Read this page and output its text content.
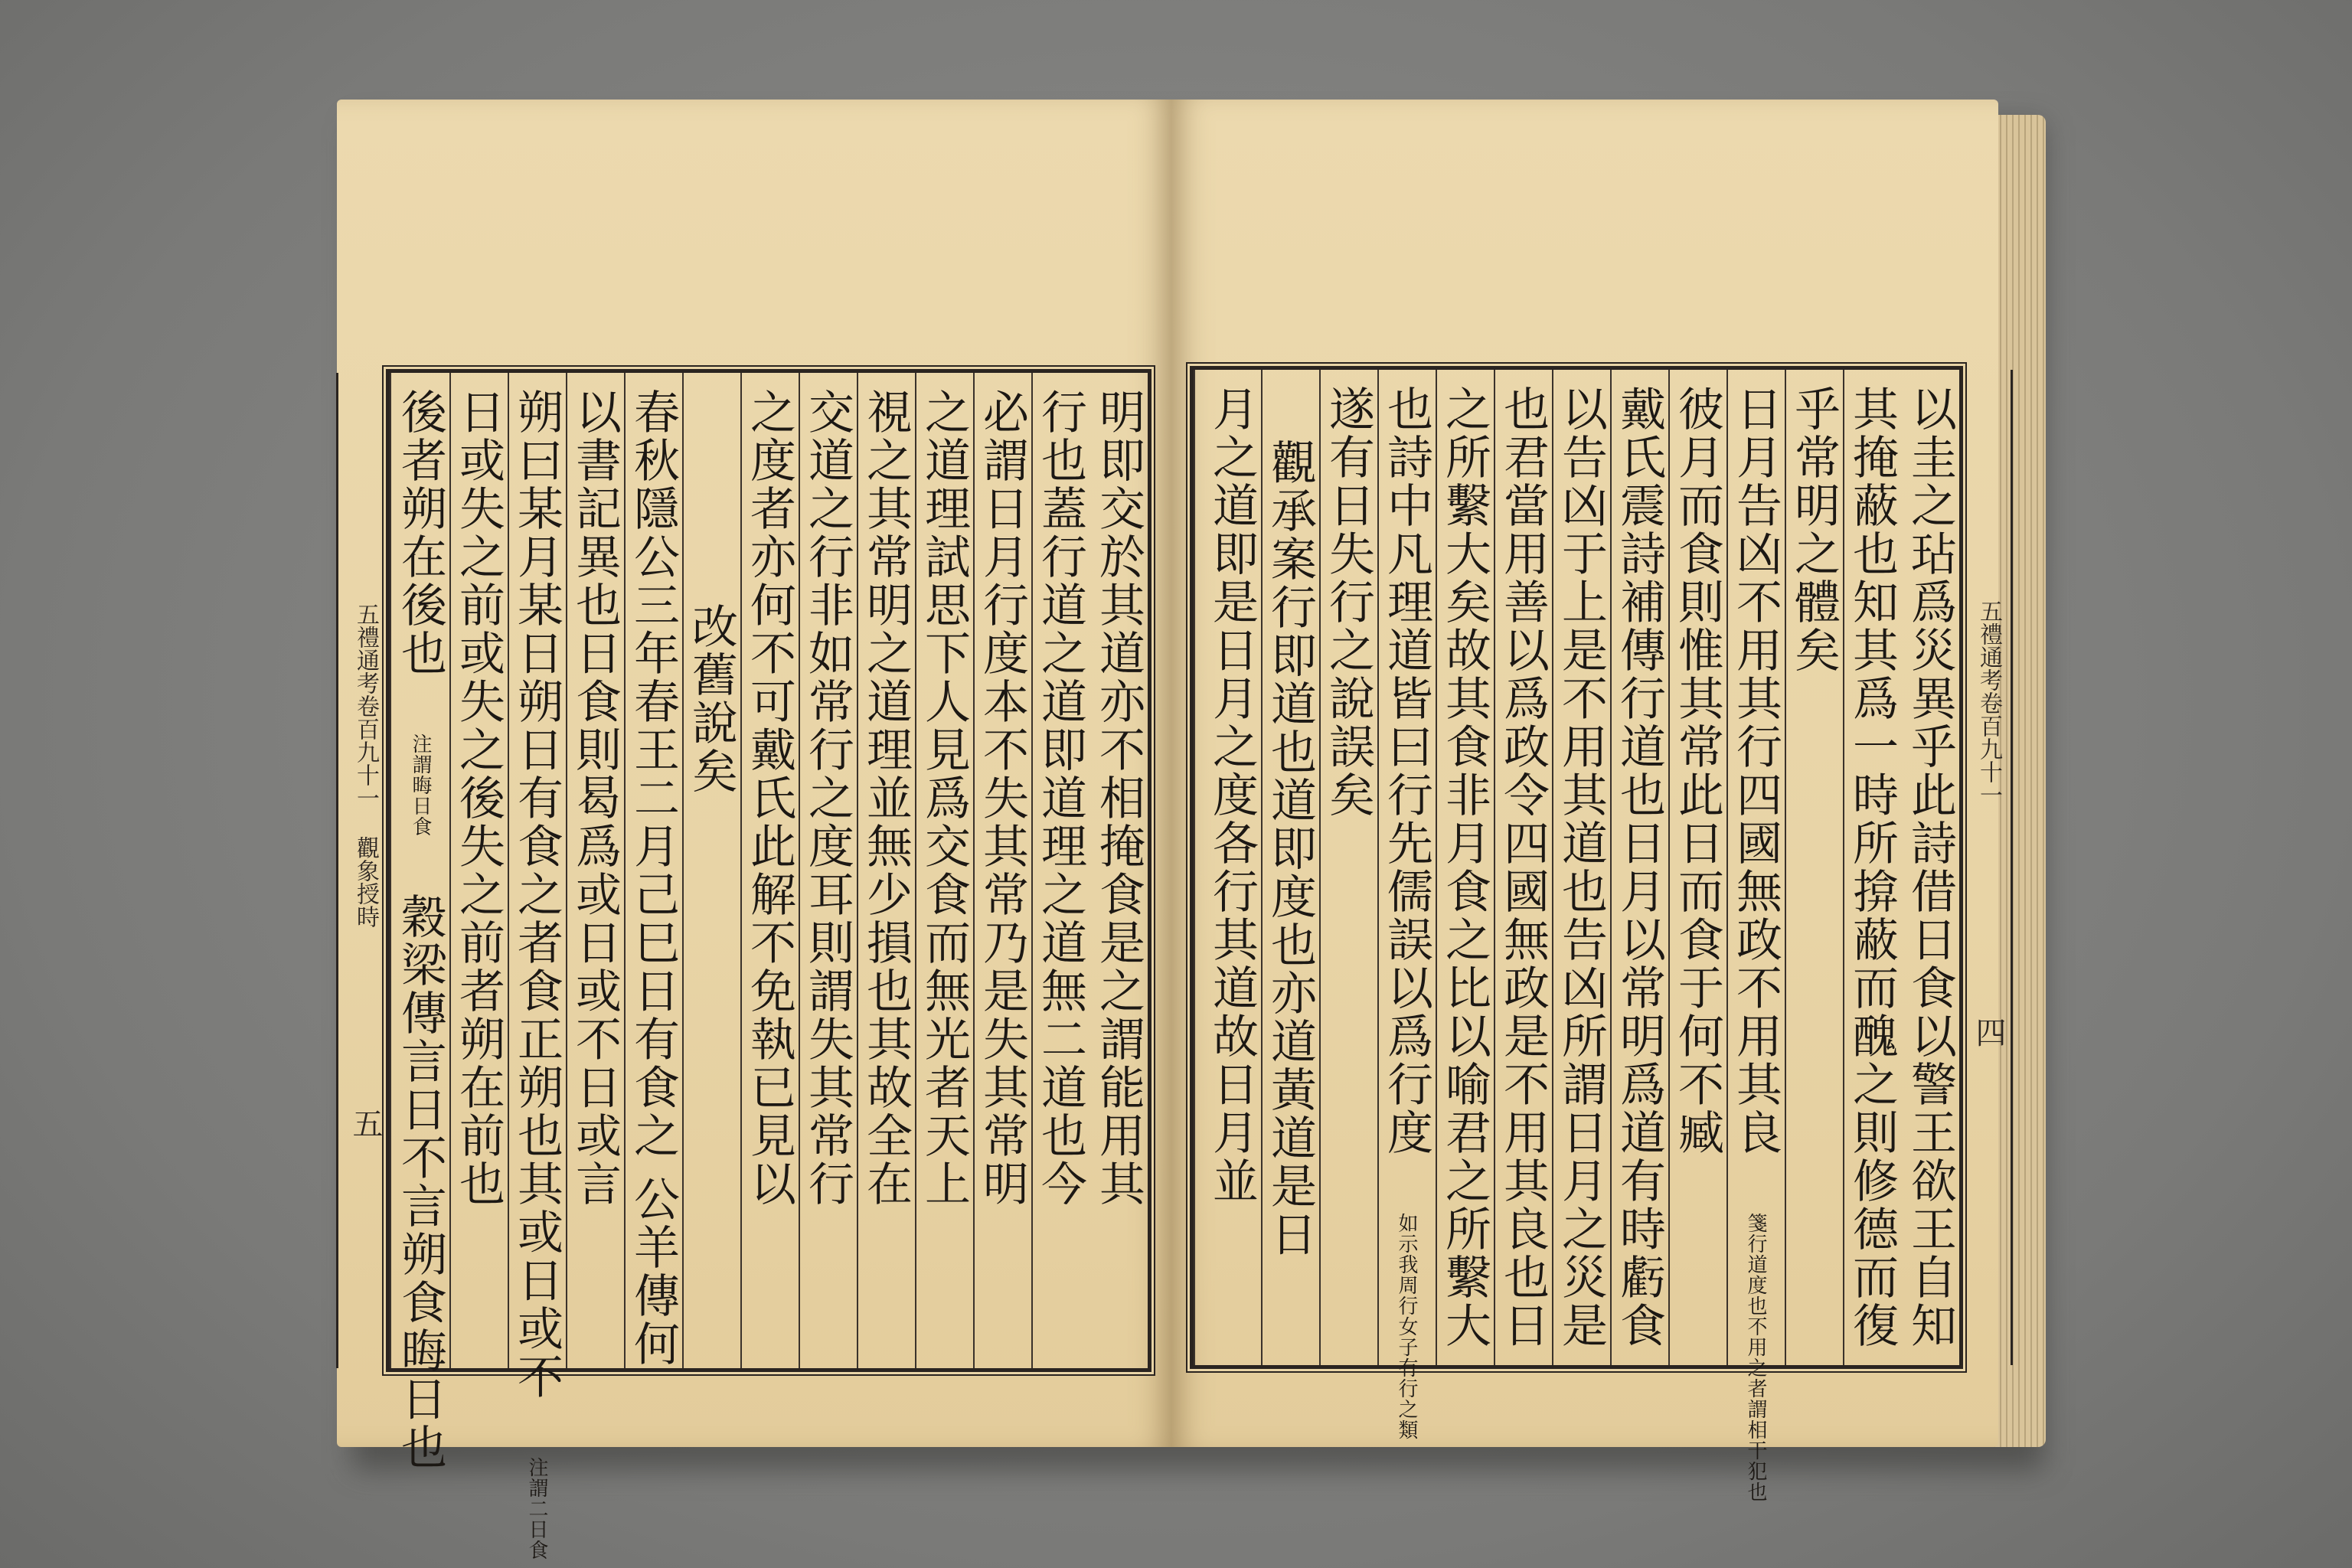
明即交於其道亦不相掩食是之謂能用其
行也蓋行道之道即道理之道無二道也今
必謂日月行度本不失其常乃是失其常明
之道理試思下人見爲交食而無光者天上
視之其常明之道理並無少損也其故全在
交道之行非如常行之度耳則謂失其常行
之度者亦何不可戴氏此解不免執已見以
改舊說矣
春秋隱公三年春王二月己巳日有食之公羊傳何
以書記異也日食則曷爲或日或不日或言
朔曰某月某日朔日有食之者食正朔也其或日或不 注謂二日食
日或失之前或失之後失之前者朔在前也
後者朔在後也 注謂晦日食 穀梁傳言日不言朔食晦日也
五禮通考卷百九十一 觀象授時 五	以圭之玷爲災異乎此詩借日食以警王欲王自知
其掩蔽也知其爲一時所揜蔽而醜之則修德而復
乎常明之體矣
日月告凶不用其行四國無政不用其良 箋行道度也不用之者謂相干犯也
彼月而食則惟其常此日而食于何不臧
戴氏震詩補傳行道也日月以常明爲道有時虧食
以告凶于上是不用其道也告凶所謂日月之災是
也君當用善以爲政令四國無政是不用其良也日
之所繫大矣故其食非月食之比以喻君之所繫大
也詩中凡理道皆曰行先儒誤以爲行度 如示我周行女子有行之類
遂有日失行之說誤矣
觀承案行即道也道即度也亦道黃道是日
月之道即是日月之度各行其道故日月並	五禮通考卷百九十一 四
